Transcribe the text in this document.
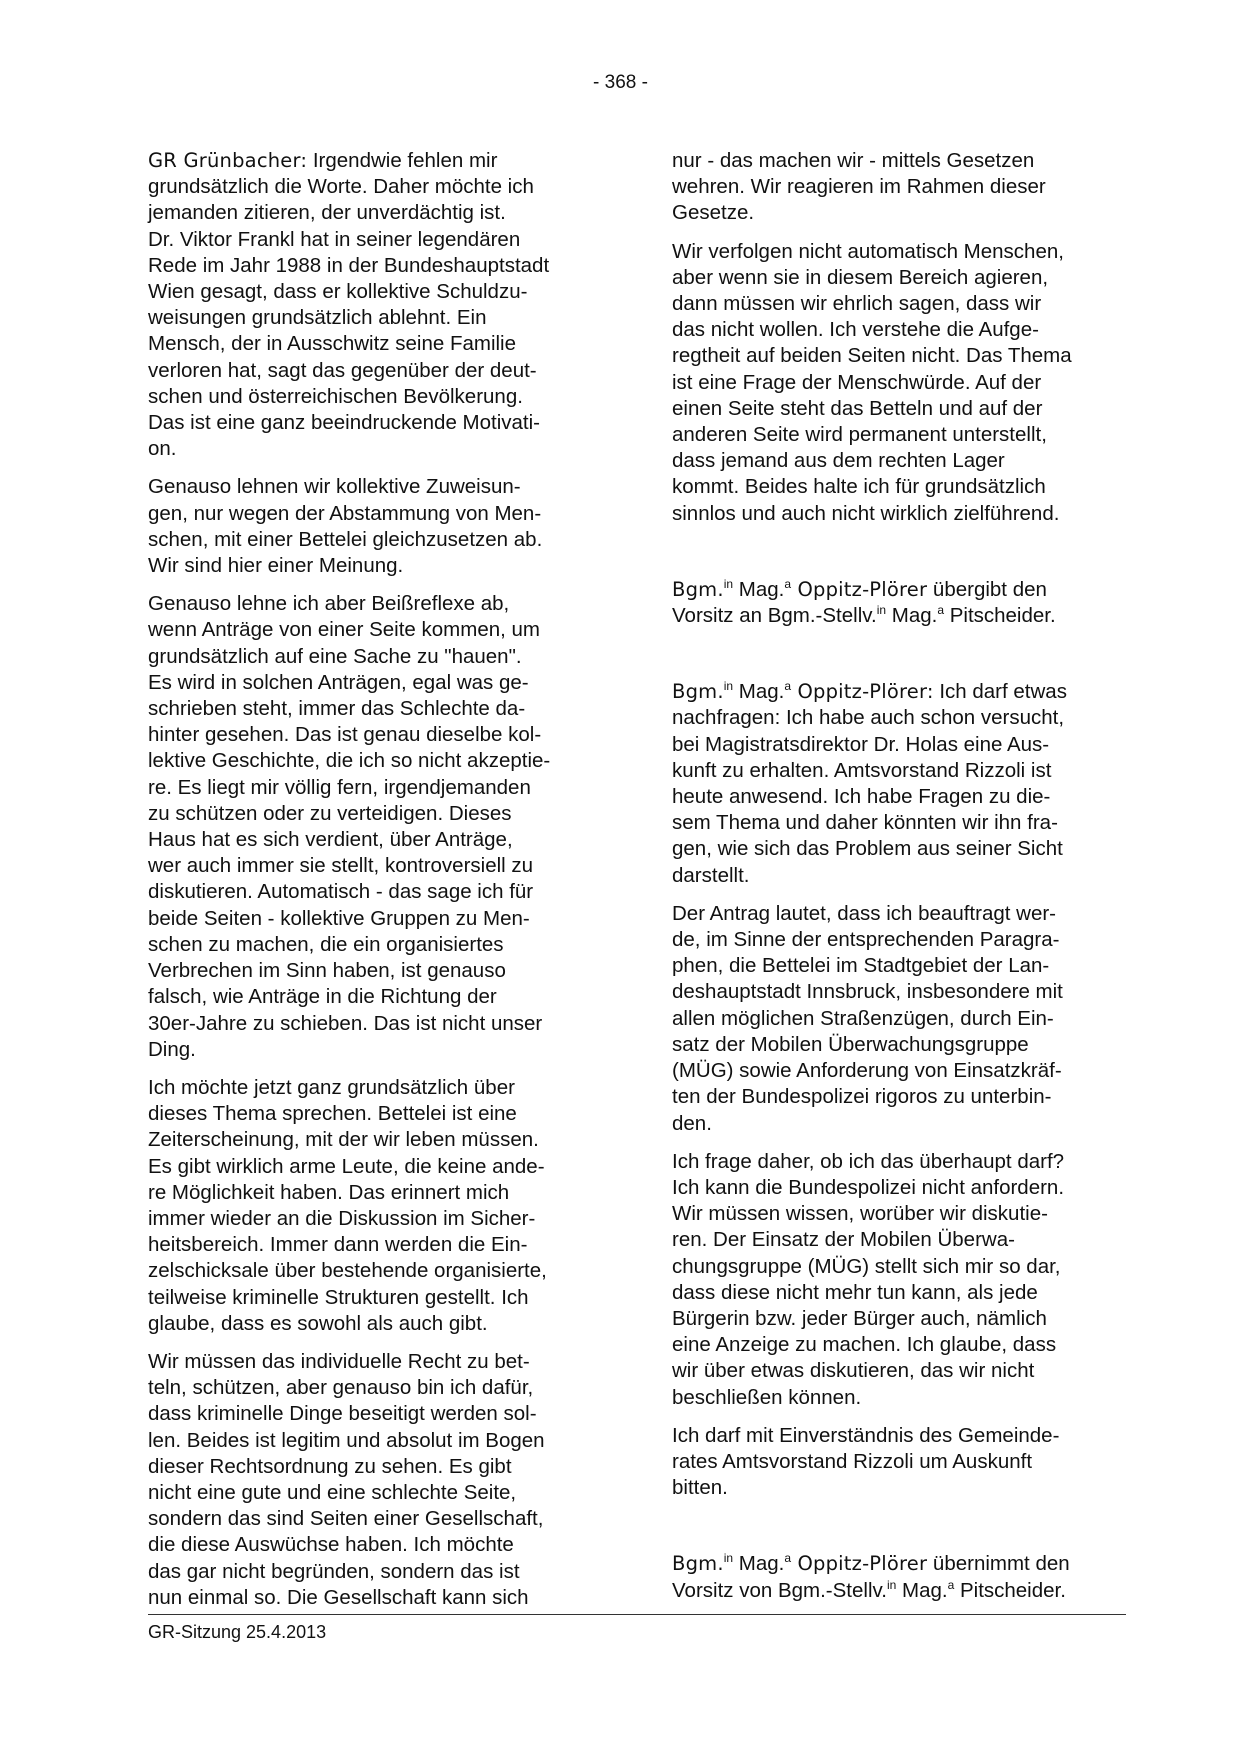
- 368 -

GR Grünbacher: Irgendwie fehlen mir
grundsätzlich die Worte. Daher möchte ich
jemanden zitieren, der unverdächtig ist.
Dr. Viktor Frankl hat in seiner legendären
Rede im Jahr 1988 in der Bundeshauptstadt
Wien gesagt, dass er kollektive Schuldzu-
weisungen grundsätzlich ablehnt. Ein
Mensch, der in Ausschwitz seine Familie
verloren hat, sagt das gegenüber der deut-
schen und österreichischen Bevölkerung.
Das ist eine ganz beeindruckende Motivati-
on.

Genauso lehnen wir kollektive Zuweisun-
gen, nur wegen der Abstammung von Men-
schen, mit einer Bettelei gleichzusetzen ab.
Wir sind hier einer Meinung.

Genauso lehne ich aber Beißreflexe ab,
wenn Anträge von einer Seite kommen, um
grundsätzlich auf eine Sache zu "hauen".
Es wird in solchen Anträgen, egal was ge-
schrieben steht, immer das Schlechte da-
hinter gesehen. Das ist genau dieselbe kol-
lektive Geschichte, die ich so nicht akzeptie-
re. Es liegt mir völlig fern, irgendjemanden
zu schützen oder zu verteidigen. Dieses
Haus hat es sich verdient, über Anträge,
wer auch immer sie stellt, kontroversiell zu
diskutieren. Automatisch - das sage ich für
beide Seiten - kollektive Gruppen zu Men-
schen zu machen, die ein organisiertes
Verbrechen im Sinn haben, ist genauso
falsch, wie Anträge in die Richtung der
30er-Jahre zu schieben. Das ist nicht unser
Ding.

Ich möchte jetzt ganz grundsätzlich über
dieses Thema sprechen. Bettelei ist eine
Zeiterscheinung, mit der wir leben müssen.
Es gibt wirklich arme Leute, die keine ande-
re Möglichkeit haben. Das erinnert mich
immer wieder an die Diskussion im Sicher-
heitsbereich. Immer dann werden die Ein-
zelschicksale über bestehende organisierte,
teilweise kriminelle Strukturen gestellt. Ich
glaube, dass es sowohl als auch gibt.

Wir müssen das individuelle Recht zu bet-
teln, schützen, aber genauso bin ich dafür,
dass kriminelle Dinge beseitigt werden sol-
len. Beides ist legitim und absolut im Bogen
dieser Rechtsordnung zu sehen. Es gibt
nicht eine gute und eine schlechte Seite,
sondern das sind Seiten einer Gesellschaft,
die diese Auswüchse haben. Ich möchte
das gar nicht begründen, sondern das ist
nun einmal so. Die Gesellschaft kann sich

nur - das machen wir - mittels Gesetzen
wehren. Wir reagieren im Rahmen dieser
Gesetze.

Wir verfolgen nicht automatisch Menschen,
aber wenn sie in diesem Bereich agieren,
dann müssen wir ehrlich sagen, dass wir
das nicht wollen. Ich verstehe die Aufge-
regtheit auf beiden Seiten nicht. Das Thema
ist eine Frage der Menschwürde. Auf der
einen Seite steht das Betteln und auf der
anderen Seite wird permanent unterstellt,
dass jemand aus dem rechten Lager
kommt. Beides halte ich für grundsätzlich
sinnlos und auch nicht wirklich zielführend.

Bgm.$^{in}$ Mag.$^a$ Oppitz-Plörer übergibt den
Vorsitz an Bgm.-Stellv.$^{in}$ Mag.$^a$ Pitscheider.

Bgm.$^{in}$ Mag.$^a$ Oppitz-Plörer: Ich darf etwas
nachfragen: Ich habe auch schon versucht,
bei Magistratsdirektor Dr. Holas eine Aus-
kunft zu erhalten. Amtsvorstand Rizzoli ist
heute anwesend. Ich habe Fragen zu die-
sem Thema und daher könnten wir ihn fra-
gen, wie sich das Problem aus seiner Sicht
darstellt.

Der Antrag lautet, dass ich beauftragt wer-
de, im Sinne der entsprechenden Paragra-
phen, die Bettelei im Stadtgebiet der Lan-
deshauptstadt Innsbruck, insbesondere mit
allen möglichen Straßenzügen, durch Ein-
satz der Mobilen Überwachungsgruppe
(MÜG) sowie Anforderung von Einsatzkräf-
ten der Bundespolizei rigoros zu unterbin-
den.

Ich frage daher, ob ich das überhaupt darf?
Ich kann die Bundespolizei nicht anfordern.
Wir müssen wissen, worüber wir diskutie-
ren. Der Einsatz der Mobilen Überwa-
chungsgruppe (MÜG) stellt sich mir so dar,
dass diese nicht mehr tun kann, als jede
Bürgerin bzw. jeder Bürger auch, nämlich
eine Anzeige zu machen. Ich glaube, dass
wir über etwas diskutieren, das wir nicht
beschließen können.

Ich darf mit Einverständnis des Gemeinde-
rates Amtsvorstand Rizzoli um Auskunft
bitten.

Bgm.$^{in}$ Mag.$^a$ Oppitz-Plörer übernimmt den
Vorsitz von Bgm.-Stellv.$^{in}$ Mag.$^a$ Pitscheider.

GR-Sitzung 25.4.2013
